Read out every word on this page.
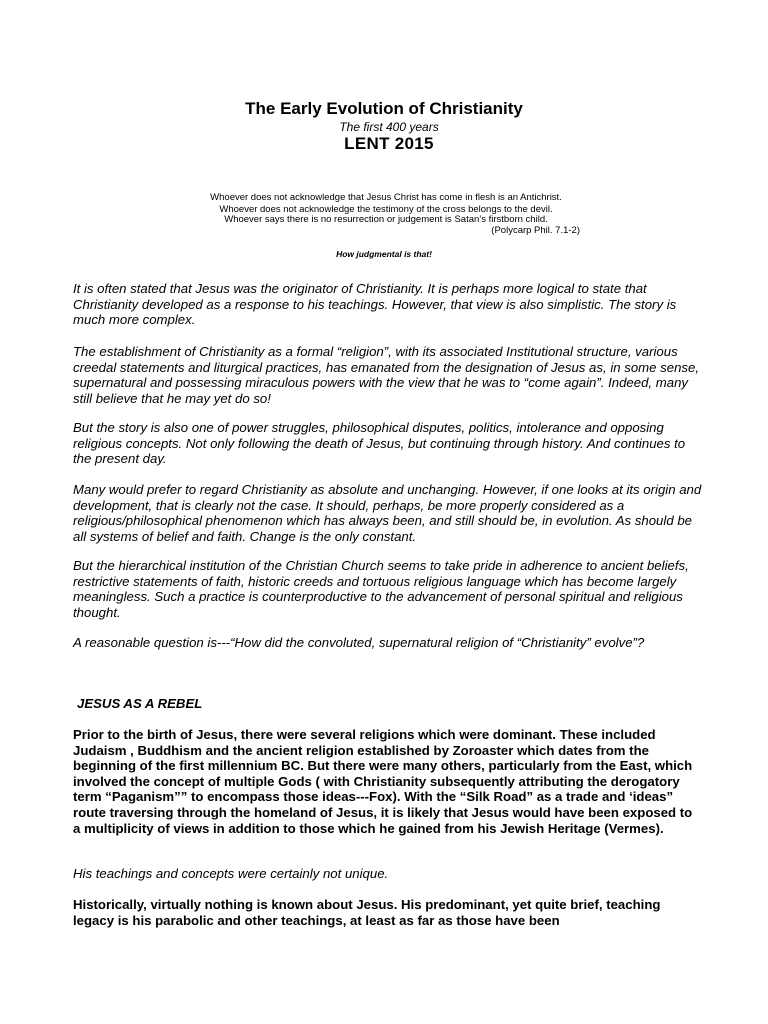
The Early Evolution of Christianity
The first 400 years
LENT 2015
Whoever does not acknowledge that Jesus Christ has come in flesh is an Antichrist.
Whoever does not acknowledge the testimony of the cross belongs to the devil.
Whoever says there is no resurrection or judgement is Satan’s firstborn child.
(Polycarp Phil. 7.1-2)
How judgmental is that!

It is often stated that Jesus was the originator of Christianity. It is perhaps more logical to state that Christianity developed as a response to his teachings. However, that view is also simplistic. The story is much more complex.

The establishment of Christianity as a formal “religion”, with its associated Institutional structure, various creedal statements and liturgical practices, has emanated from the designation of Jesus as, in some sense, supernatural and possessing miraculous powers with the view that he was to “come again”. Indeed, many still believe that he may yet do so!

But the story is also one of power struggles, philosophical disputes, politics, intolerance and opposing religious concepts. Not only following the death of Jesus, but continuing through history. And continues to the present day.

Many would prefer to regard Christianity as absolute and unchanging. However, if one looks at its origin and development, that is clearly not the case. It should, perhaps, be more properly considered as a religious/philosophical phenomenon which has always been, and still should be, in evolution. As should be all systems of belief and faith. Change is the only constant.

But the hierarchical institution of the Christian Church seems to take pride in adherence to ancient beliefs, restrictive statements of faith, historic creeds and tortuous religious language which has become largely meaningless. Such a practice is counterproductive to the advancement of personal spiritual and religious thought.

A reasonable question is---“How did the convoluted, supernatural religion of “Christianity” evolve”?

JESUS AS A REBEL

Prior to the birth of Jesus, there were several religions which were dominant. These included Judaism , Buddhism and the ancient religion established by Zoroaster which dates from the beginning of the first millennium BC. But there were many others, particularly from the East, which involved the concept of multiple Gods ( with Christianity subsequently attributing the derogatory term “Paganism”” to encompass those ideas---Fox). With the “Silk Road” as a trade and ‘ideas” route traversing through the homeland of Jesus, it is likely that Jesus would have been exposed to a multiplicity of views in addition to those which he gained from his Jewish Heritage (Vermes).

His teachings and concepts were certainly not unique.

Historically, virtually nothing is known about Jesus. His predominant, yet quite brief, teaching legacy is his parabolic and other teachings, at least as far as those have been
